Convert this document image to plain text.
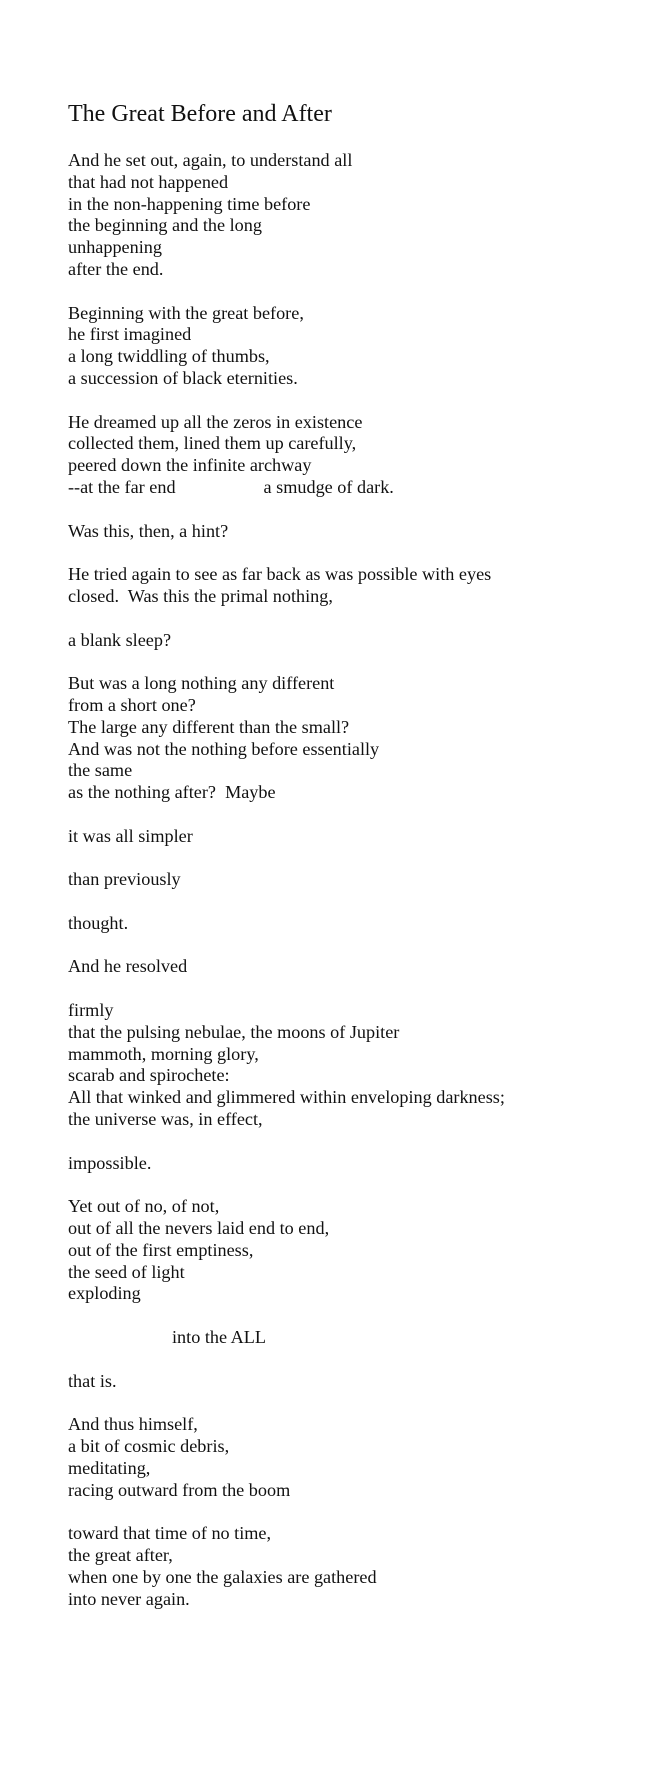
The Great Before and After
And he set out, again, to understand all
that had not happened
in the non-happening time before
the beginning and the long
unhappening
after the end.
Beginning with the great before,
he first imagined
a long twiddling of thumbs,
a succession of black eternities.
He dreamed up all the zeros in existence
collected them, lined them up carefully,
peered down the infinite archway
--at the far end	a smudge of dark.
Was this, then, a hint?
He tried again to see as far back as was possible with eyes
closed.  Was this the primal nothing,
a blank sleep?
But was a long nothing any different
from a short one?
The large any different than the small?
And was not the nothing before essentially
the same
as the nothing after?  Maybe
it was all simpler
than previously
thought.
And he resolved
firmly
that the pulsing nebulae, the moons of Jupiter
mammoth, morning glory,
scarab and spirochete:
All that winked and glimmered within enveloping darkness;
the universe was, in effect,
impossible.
Yet out of no, of not,
out of all the nevers laid end to end,
out of the first emptiness,
the seed of light
exploding
into the ALL
that is.
And thus himself,
a bit of cosmic debris,
meditating,
racing outward from the boom
toward that time of no time,
the great after,
when one by one the galaxies are gathered
into never again.
